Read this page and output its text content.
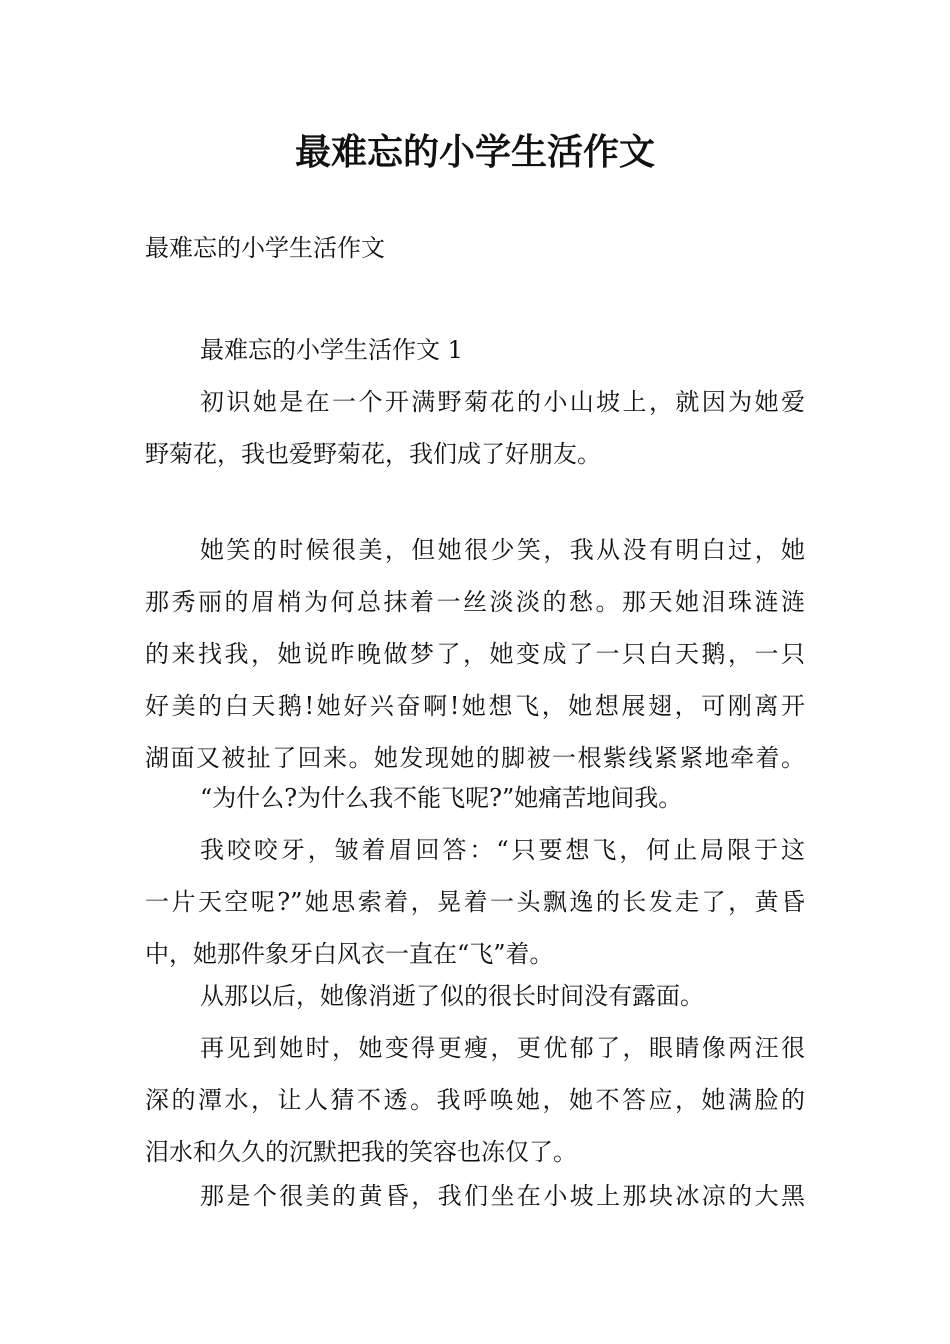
最难忘的小学生活作文
最难忘的小学生活作文
最难忘的小学生活作文 1
初识她是在一个开满野菊花的小山坡上，就因为她爱
野菊花，我也爱野菊花，我们成了好朋友。
她笑的时候很美，但她很少笑，我从没有明白过，她
那秀丽的眉梢为何总抹着一丝淡淡的愁。那天她泪珠涟涟
的来找我，她说昨晚做梦了，她变成了一只白天鹅，一只
好美的白天鹅!她好兴奋啊!她想飞，她想展翅，可刚离开
湖面又被扯了回来。她发现她的脚被一根紫线紧紧地牵着。
“为什么?为什么我不能飞呢?”她痛苦地间我。
我咬咬牙，皱着眉回答：“只要想飞，何止局限于这
一片天空呢?”她思索着，晃着一头飘逸的长发走了，黄昏
中，她那件象牙白风衣一直在“飞”着。
从那以后，她像消逝了似的很长时间没有露面。
再见到她时，她变得更瘦，更优郁了，眼睛像两汪很
深的潭水，让人猜不透。我呼唤她，她不答应，她满脸的
泪水和久久的沉默把我的笑容也冻仅了。
那是个很美的黄昏，我们坐在小坡上那块冰凉的大黑
